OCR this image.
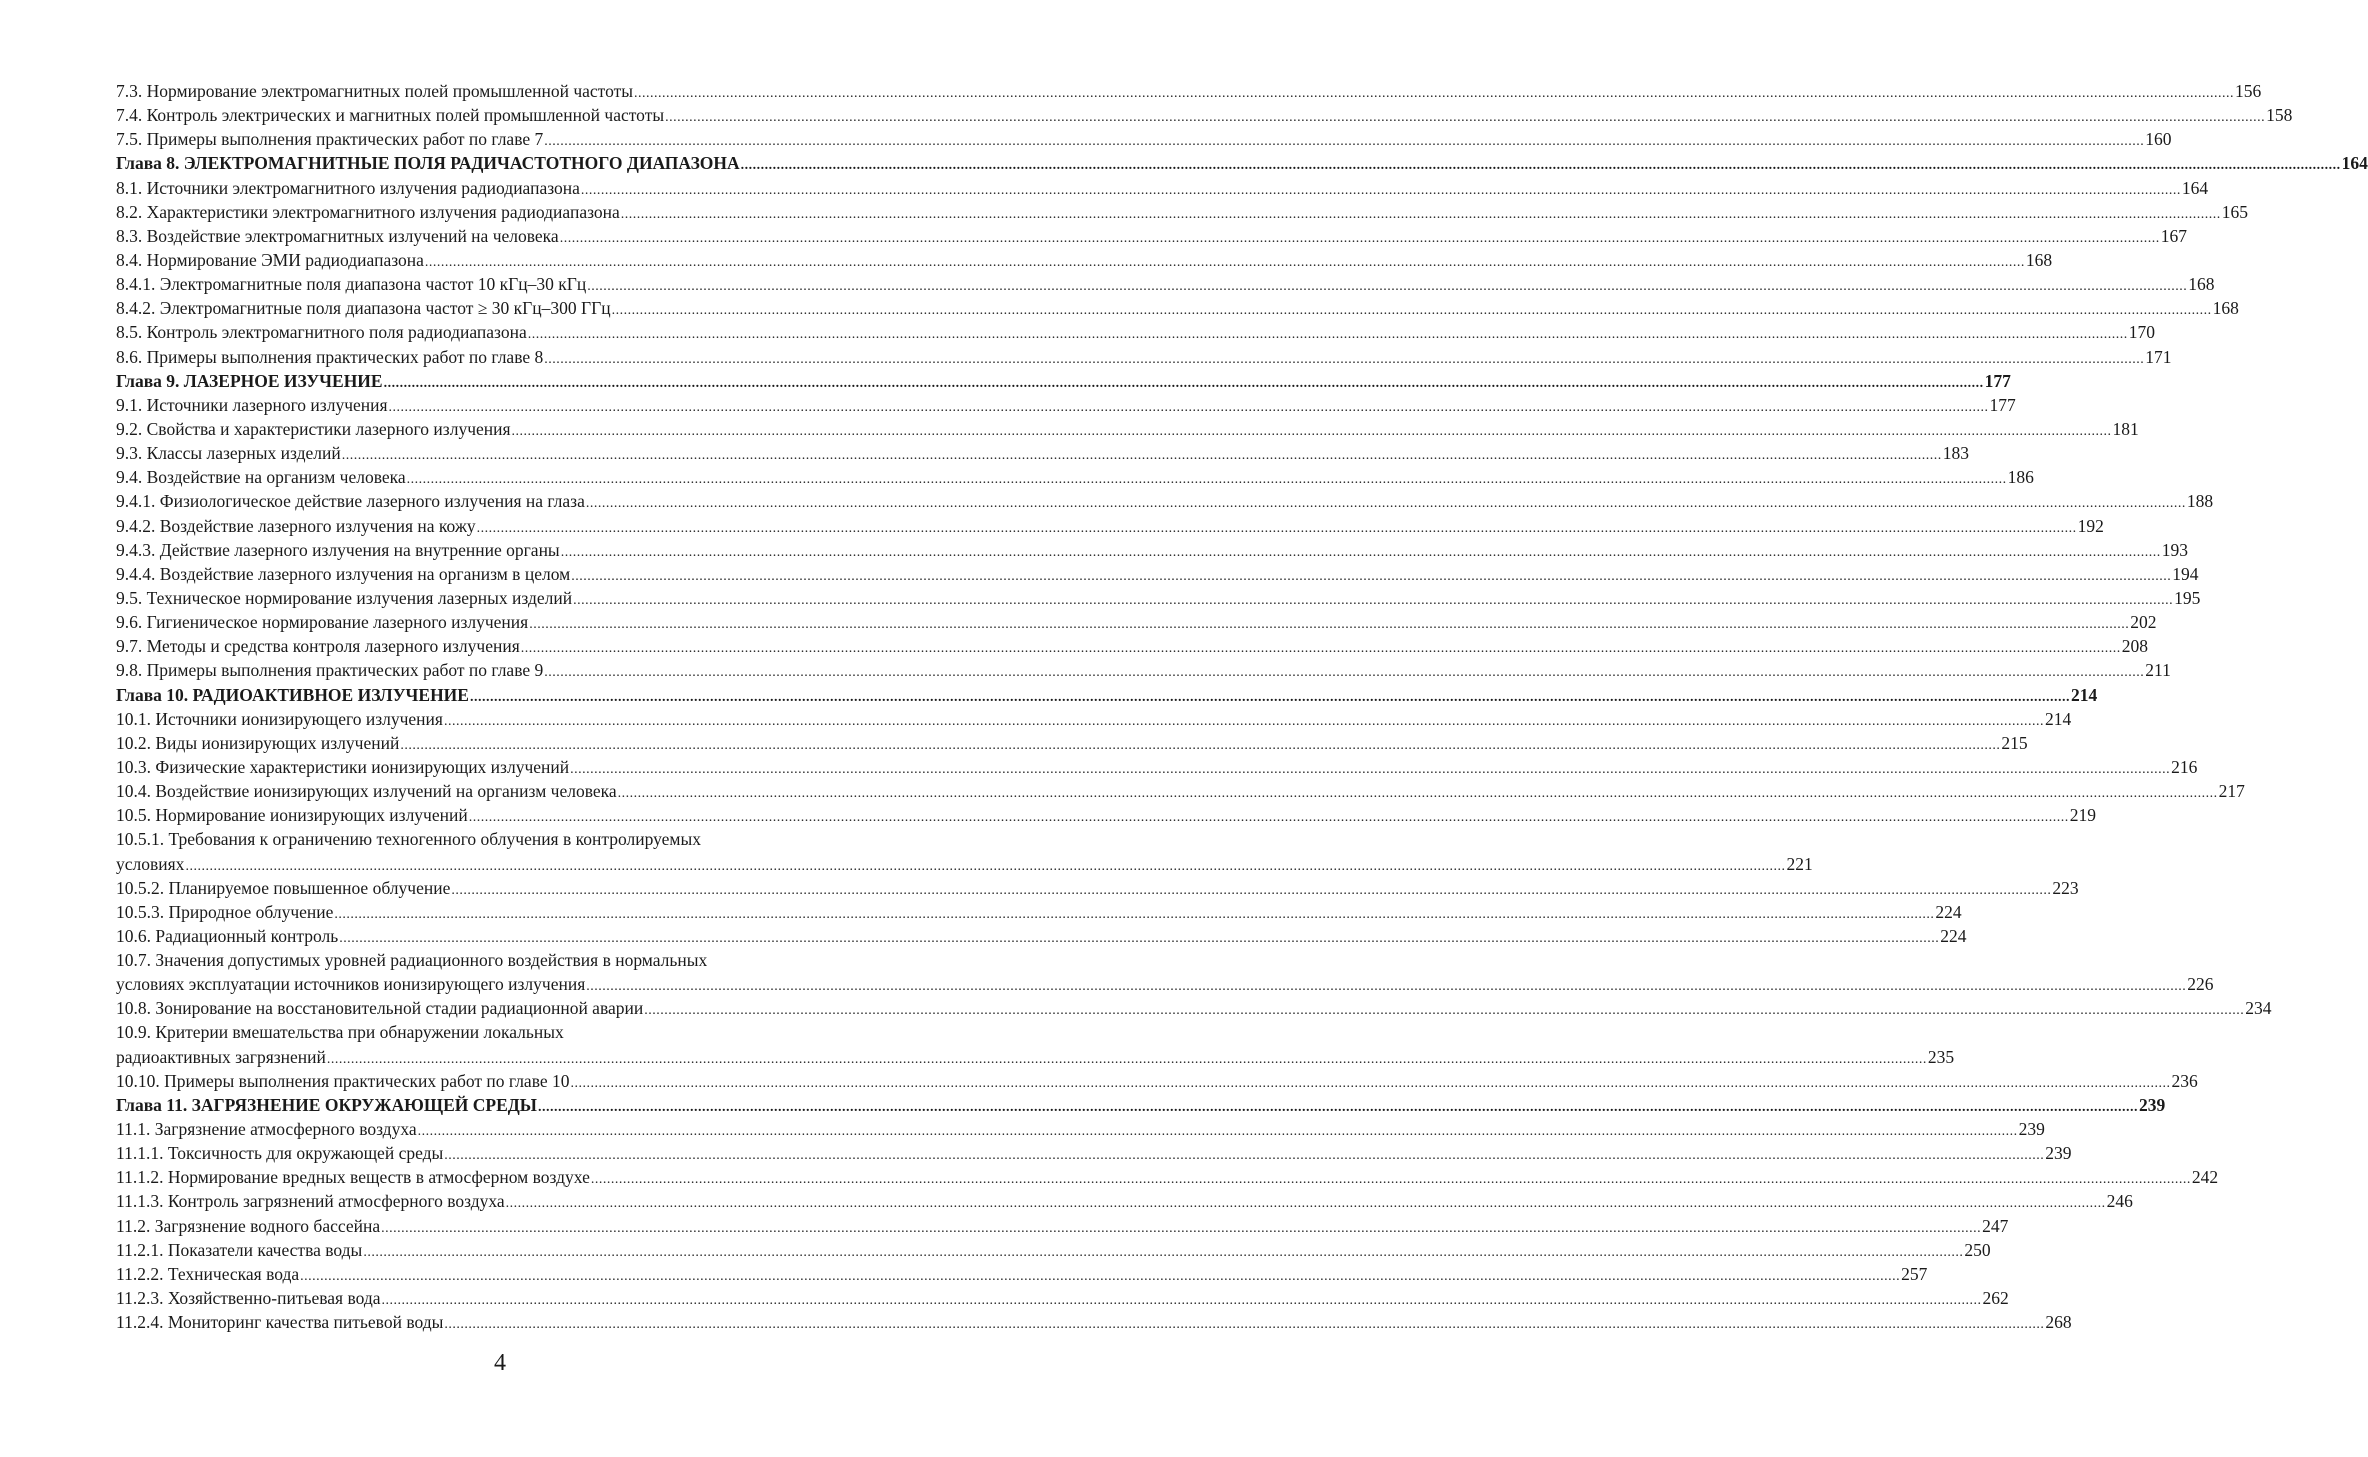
7.3. Нормирование электромагнитных полей промышленной частоты ................................................................................................................................................................................................................................................................................................................................................................................................................ 156
7.4. Контроль электрических и магнитных полей промышленной частоты ................................................................................................................................................................................................................................................................................................................................................................................................................ 158
7.5. Примеры выполнения практических работ по главе 7 ................................................................................................................................................................................................................................................................................................................................................................................................................ 160
Глава 8. ЭЛЕКТРОМАГНИТНЫЕ ПОЛЯ РАДИЧАСТОТНОГО ДИАПАЗОНА ................................................................................................................................................................................................................................................................................................................................................................................................................ 164
8.1. Источники электромагнитного излучения радиодиапазона ................................................................................................................................................................................................................................................................................................................................................................................................................ 164
8.2. Характеристики электромагнитного излучения радиодиапазона ................................................................................................................................................................................................................................................................................................................................................................................................................ 165
8.3. Воздействие электромагнитных излучений на человека ................................................................................................................................................................................................................................................................................................................................................................................................................ 167
8.4. Нормирование ЭМИ радиодиапазона ................................................................................................................................................................................................................................................................................................................................................................................................................ 168
8.4.1. Электромагнитные поля диапазона частот 10 кГц–30 кГц ................................................................................................................................................................................................................................................................................................................................................................................................................ 168
8.4.2. Электромагнитные поля диапазона частот ≥ 30 кГц–300 ГГц ................................................................................................................................................................................................................................................................................................................................................................................................................ 168
8.5. Контроль электромагнитного поля радиодиапазона ................................................................................................................................................................................................................................................................................................................................................................................................................ 170
8.6. Примеры выполнения практических работ по главе 8 ................................................................................................................................................................................................................................................................................................................................................................................................................ 171
Глава 9. ЛАЗЕРНОЕ ИЗУЧЕНИЕ ................................................................................................................................................................................................................................................................................................................................................................................................................ 177
9.1. Источники лазерного излучения ................................................................................................................................................................................................................................................................................................................................................................................................................ 177
9.2. Свойства и характеристики лазерного излучения ................................................................................................................................................................................................................................................................................................................................................................................................................ 181
9.3. Классы лазерных изделий ................................................................................................................................................................................................................................................................................................................................................................................................................ 183
9.4. Воздействие на организм человека ................................................................................................................................................................................................................................................................................................................................................................................................................ 186
9.4.1. Физиологическое действие лазерного излучения на глаза ................................................................................................................................................................................................................................................................................................................................................................................................................ 188
9.4.2. Воздействие лазерного излучения на кожу ................................................................................................................................................................................................................................................................................................................................................................................................................ 192
9.4.3. Действие лазерного излучения на внутренние органы ................................................................................................................................................................................................................................................................................................................................................................................................................ 193
9.4.4. Воздействие лазерного излучения на организм в целом ................................................................................................................................................................................................................................................................................................................................................................................................................ 194
9.5. Техническое нормирование излучения лазерных изделий ................................................................................................................................................................................................................................................................................................................................................................................................................ 195
9.6. Гигиеническое нормирование лазерного излучения ................................................................................................................................................................................................................................................................................................................................................................................................................ 202
9.7. Методы и средства контроля лазерного излучения ................................................................................................................................................................................................................................................................................................................................................................................................................ 208
9.8. Примеры выполнения практических работ по главе 9 ................................................................................................................................................................................................................................................................................................................................................................................................................ 211
Глава 10. РАДИОАКТИВНОЕ ИЗЛУЧЕНИЕ ................................................................................................................................................................................................................................................................................................................................................................................................................ 214
10.1. Источники ионизирующего излучения ................................................................................................................................................................................................................................................................................................................................................................................................................ 214
10.2. Виды ионизирующих излучений ................................................................................................................................................................................................................................................................................................................................................................................................................ 215
10.3. Физические характеристики ионизирующих излучений ................................................................................................................................................................................................................................................................................................................................................................................................................ 216
10.4. Воздействие ионизирующих излучений на организм человека ................................................................................................................................................................................................................................................................................................................................................................................................................ 217
10.5. Нормирование ионизирующих излучений ................................................................................................................................................................................................................................................................................................................................................................................................................ 219
10.5.1. Требования к ограничению техногенного облучения в контролируемых
условиях ................................................................................................................................................................................................................................................................................................................................................................................................................ 221
10.5.2. Планируемое повышенное облучение ................................................................................................................................................................................................................................................................................................................................................................................................................ 223
10.5.3. Природное облучение ................................................................................................................................................................................................................................................................................................................................................................................................................ 224
10.6. Радиационный контроль ................................................................................................................................................................................................................................................................................................................................................................................................................ 224
10.7. Значения допустимых уровней радиационного воздействия в нормальных
условиях эксплуатации источников ионизирующего излучения ................................................................................................................................................................................................................................................................................................................................................................................................................ 226
10.8. Зонирование на восстановительной стадии радиационной аварии ................................................................................................................................................................................................................................................................................................................................................................................................................ 234
10.9. Критерии вмешательства при обнаружении локальных
радиоактивных загрязнений ................................................................................................................................................................................................................................................................................................................................................................................................................ 235
10.10. Примеры выполнения практических работ по главе 10 ................................................................................................................................................................................................................................................................................................................................................................................................................ 236
Глава 11. ЗАГРЯЗНЕНИЕ ОКРУЖАЮЩЕЙ СРЕДЫ ................................................................................................................................................................................................................................................................................................................................................................................................................ 239
11.1. Загрязнение атмосферного воздуха ................................................................................................................................................................................................................................................................................................................................................................................................................ 239
11.1.1. Токсичность для окружающей среды ................................................................................................................................................................................................................................................................................................................................................................................................................ 239
11.1.2. Нормирование вредных веществ в атмосферном воздухе ................................................................................................................................................................................................................................................................................................................................................................................................................ 242
11.1.3. Контроль загрязнений атмосферного воздуха ................................................................................................................................................................................................................................................................................................................................................................................................................ 246
11.2. Загрязнение водного бассейна ................................................................................................................................................................................................................................................................................................................................................................................................................ 247
11.2.1. Показатели качества воды ................................................................................................................................................................................................................................................................................................................................................................................................................ 250
11.2.2. Техническая вода ................................................................................................................................................................................................................................................................................................................................................................................................................ 257
11.2.3. Хозяйственно-питьевая вода ................................................................................................................................................................................................................................................................................................................................................................................................................ 262
11.2.4. Мониторинг качества питьевой воды ................................................................................................................................................................................................................................................................................................................................................................................................................ 268
4
